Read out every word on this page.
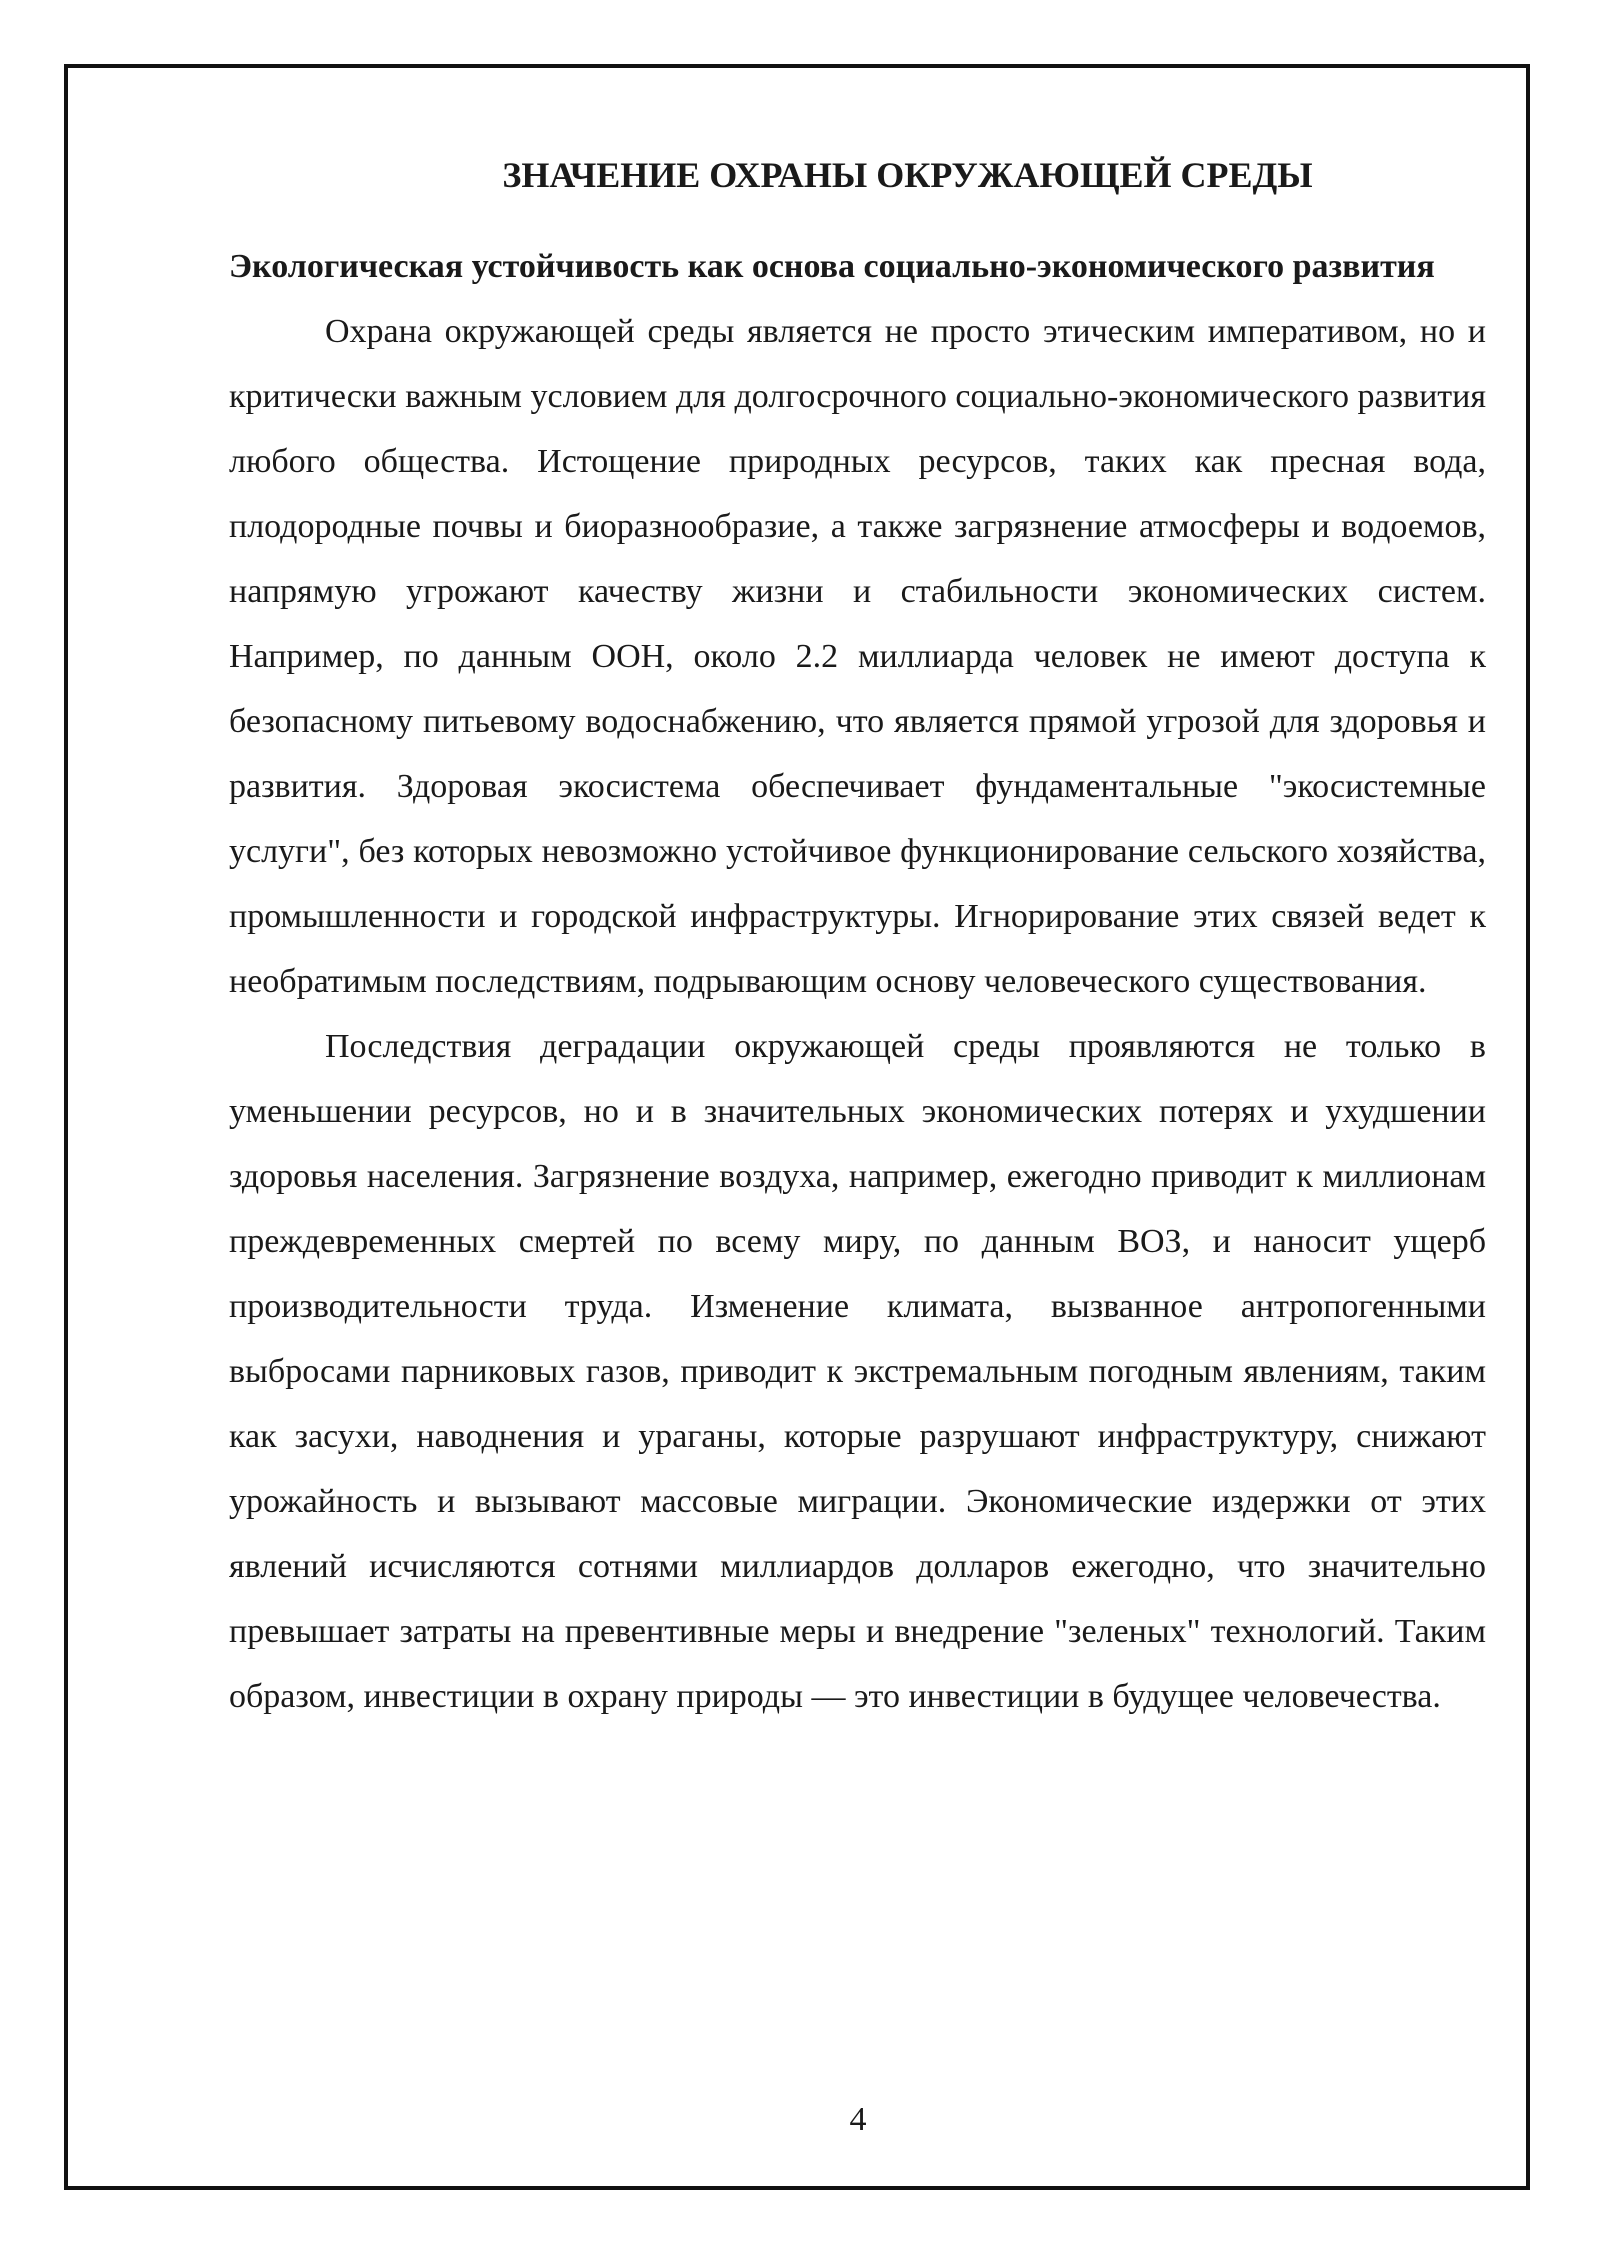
ЗНАЧЕНИЕ ОХРАНЫ ОКРУЖАЮЩЕЙ СРЕДЫ
Экологическая устойчивость как основа социально-экономического развития

Охрана окружающей среды является не просто этическим императивом, но и критически важным условием для долгосрочного социально-экономического развития любого общества. Истощение природных ресурсов, таких как пресная вода, плодородные почвы и биоразнообразие, а также загрязнение атмосферы и водоемов, напрямую угрожают качеству жизни и стабильности экономических систем. Например, по данным ООН, около 2.2 миллиарда человек не имеют доступа к безопасному питьевому водоснабжению, что является прямой угрозой для здоровья и развития. Здоровая экосистема обеспечивает фундаментальные "экосистемные услуги", без которых невозможно устойчивое функционирование сельского хозяйства, промышленности и городской инфраструктуры. Игнорирование этих связей ведет к необратимым последствиям, подрывающим основу человеческого существования.

Последствия деградации окружающей среды проявляются не только в уменьшении ресурсов, но и в значительных экономических потерях и ухудшении здоровья населения. Загрязнение воздуха, например, ежегодно приводит к миллионам преждевременных смертей по всему миру, по данным ВОЗ, и наносит ущерб производительности труда. Изменение климата, вызванное антропогенными выбросами парниковых газов, приводит к экстремальным погодным явлениям, таким как засухи, наводнения и ураганы, которые разрушают инфраструктуру, снижают урожайность и вызывают массовые миграции. Экономические издержки от этих явлений исчисляются сотнями миллиардов долларов ежегодно, что значительно превышает затраты на превентивные меры и внедрение "зеленых" технологий. Таким образом, инвестиции в охрану природы — это инвестиции в будущее человечества.

4
